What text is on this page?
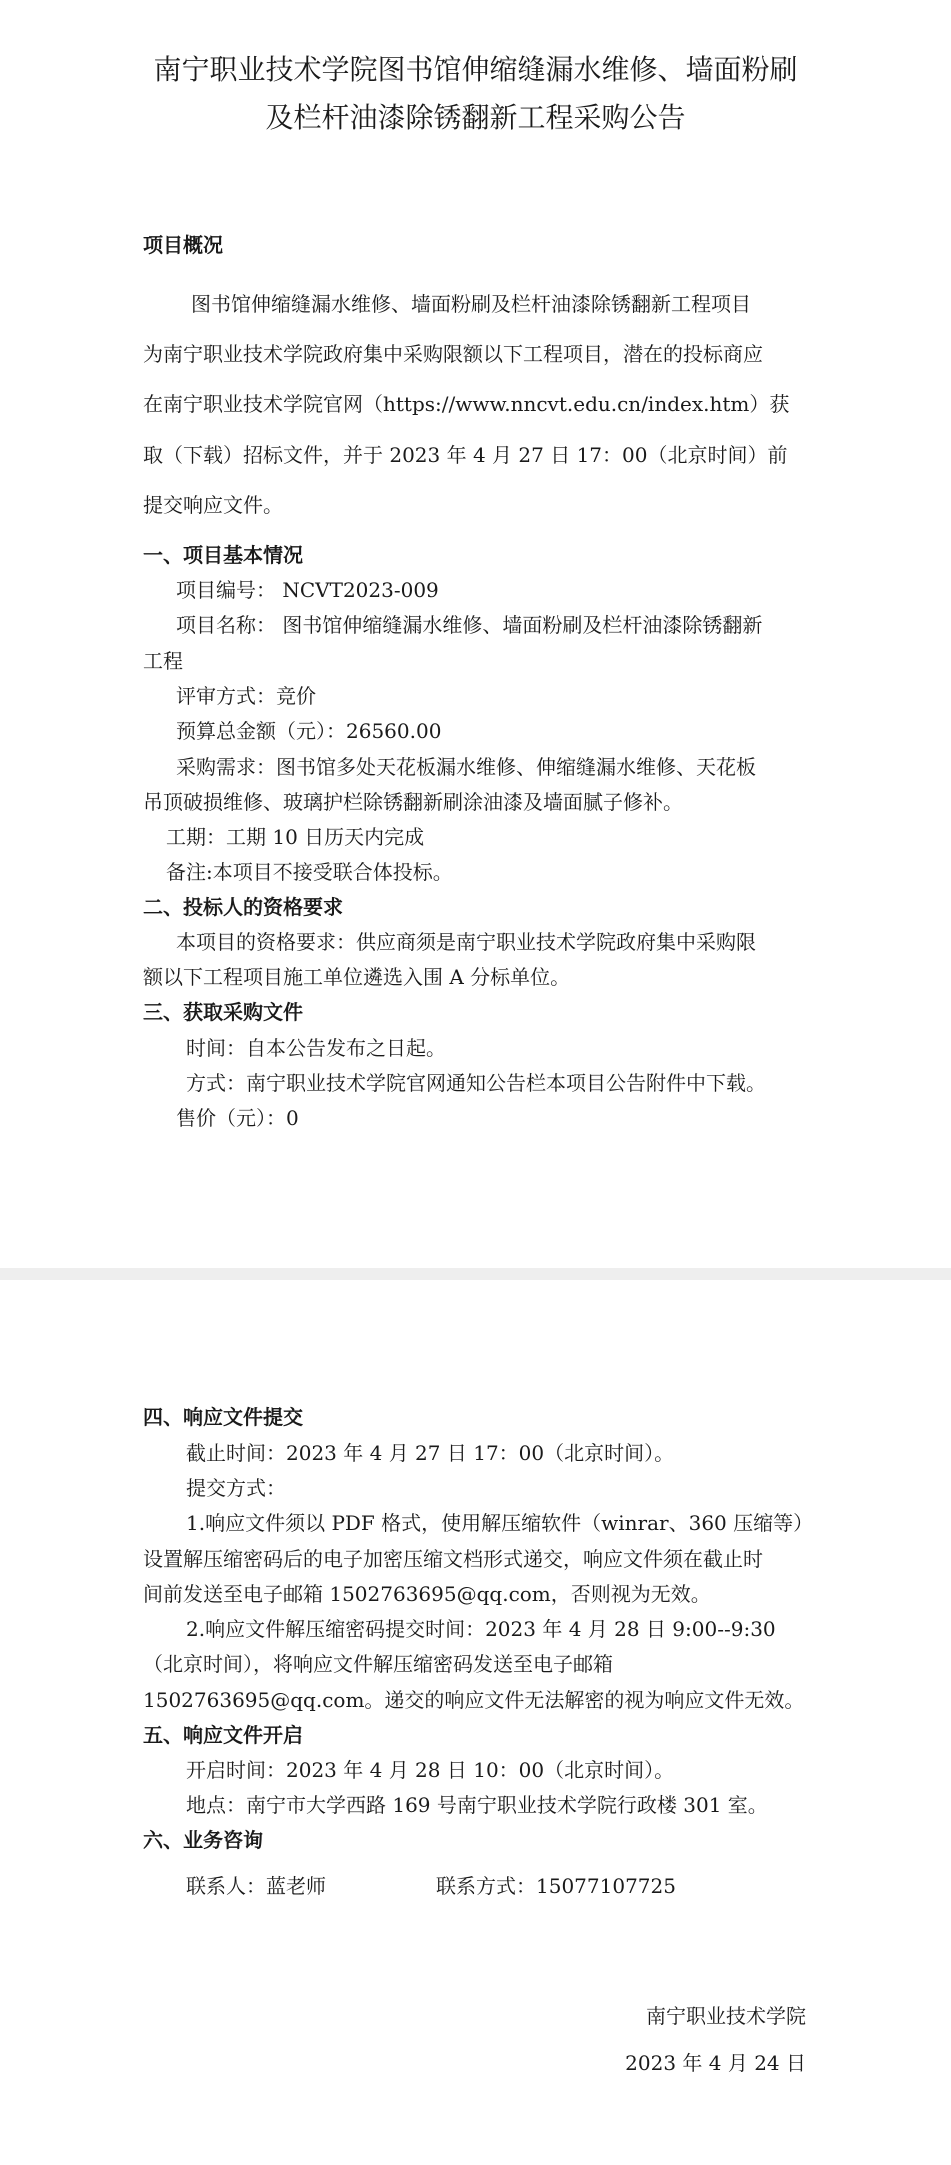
南宁职业技术学院图书馆伸缩缝漏水维修、墙面粉刷
及栏杆油漆除锈翻新工程采购公告
项目概况
图书馆伸缩缝漏水维修、墙面粉刷及栏杆油漆除锈翻新工程项目
为南宁职业技术学院政府集中采购限额以下工程项目，潜在的投标商应
在南宁职业技术学院官网（https://www.nncvt.edu.cn/index.htm）获
取（下载）招标文件，并于 2023 年 4 月 27 日 17：00（北京时间）前
提交响应文件。
一、项目基本情况
项目编号： NCVT2023-009
项目名称： 图书馆伸缩缝漏水维修、墙面粉刷及栏杆油漆除锈翻新
工程
评审方式：竞价
预算总金额（元）：26560.00
采购需求：图书馆多处天花板漏水维修、伸缩缝漏水维修、天花板
吊顶破损维修、玻璃护栏除锈翻新刷涂油漆及墙面腻子修补。
工期：工期 10 日历天内完成
备注:本项目不接受联合体投标。
二、投标人的资格要求
本项目的资格要求：供应商须是南宁职业技术学院政府集中采购限
额以下工程项目施工单位遴选入围 A 分标单位。
三、获取采购文件
时间：自本公告发布之日起。
方式：南宁职业技术学院官网通知公告栏本项目公告附件中下载。
售价（元）：0
四、响应文件提交
截止时间：2023 年 4 月 27 日 17：00（北京时间）。
提交方式：
1.响应文件须以 PDF 格式，使用解压缩软件（winrar、360 压缩等）
设置解压缩密码后的电子加密压缩文档形式递交，响应文件须在截止时
间前发送至电子邮箱 1502763695@qq.com，否则视为无效。
2.响应文件解压缩密码提交时间：2023 年 4 月 28 日 9:00--9:30
（北京时间），将响应文件解压缩密码发送至电子邮箱
1502763695@qq.com。递交的响应文件无法解密的视为响应文件无效。
五、响应文件开启
开启时间：2023 年 4 月 28 日 10：00（北京时间）。
地点：南宁市大学西路 169 号南宁职业技术学院行政楼 301 室。
六、业务咨询
联系人：蓝老师	联系方式：15077107725
南宁职业技术学院
2023 年 4 月 24 日
